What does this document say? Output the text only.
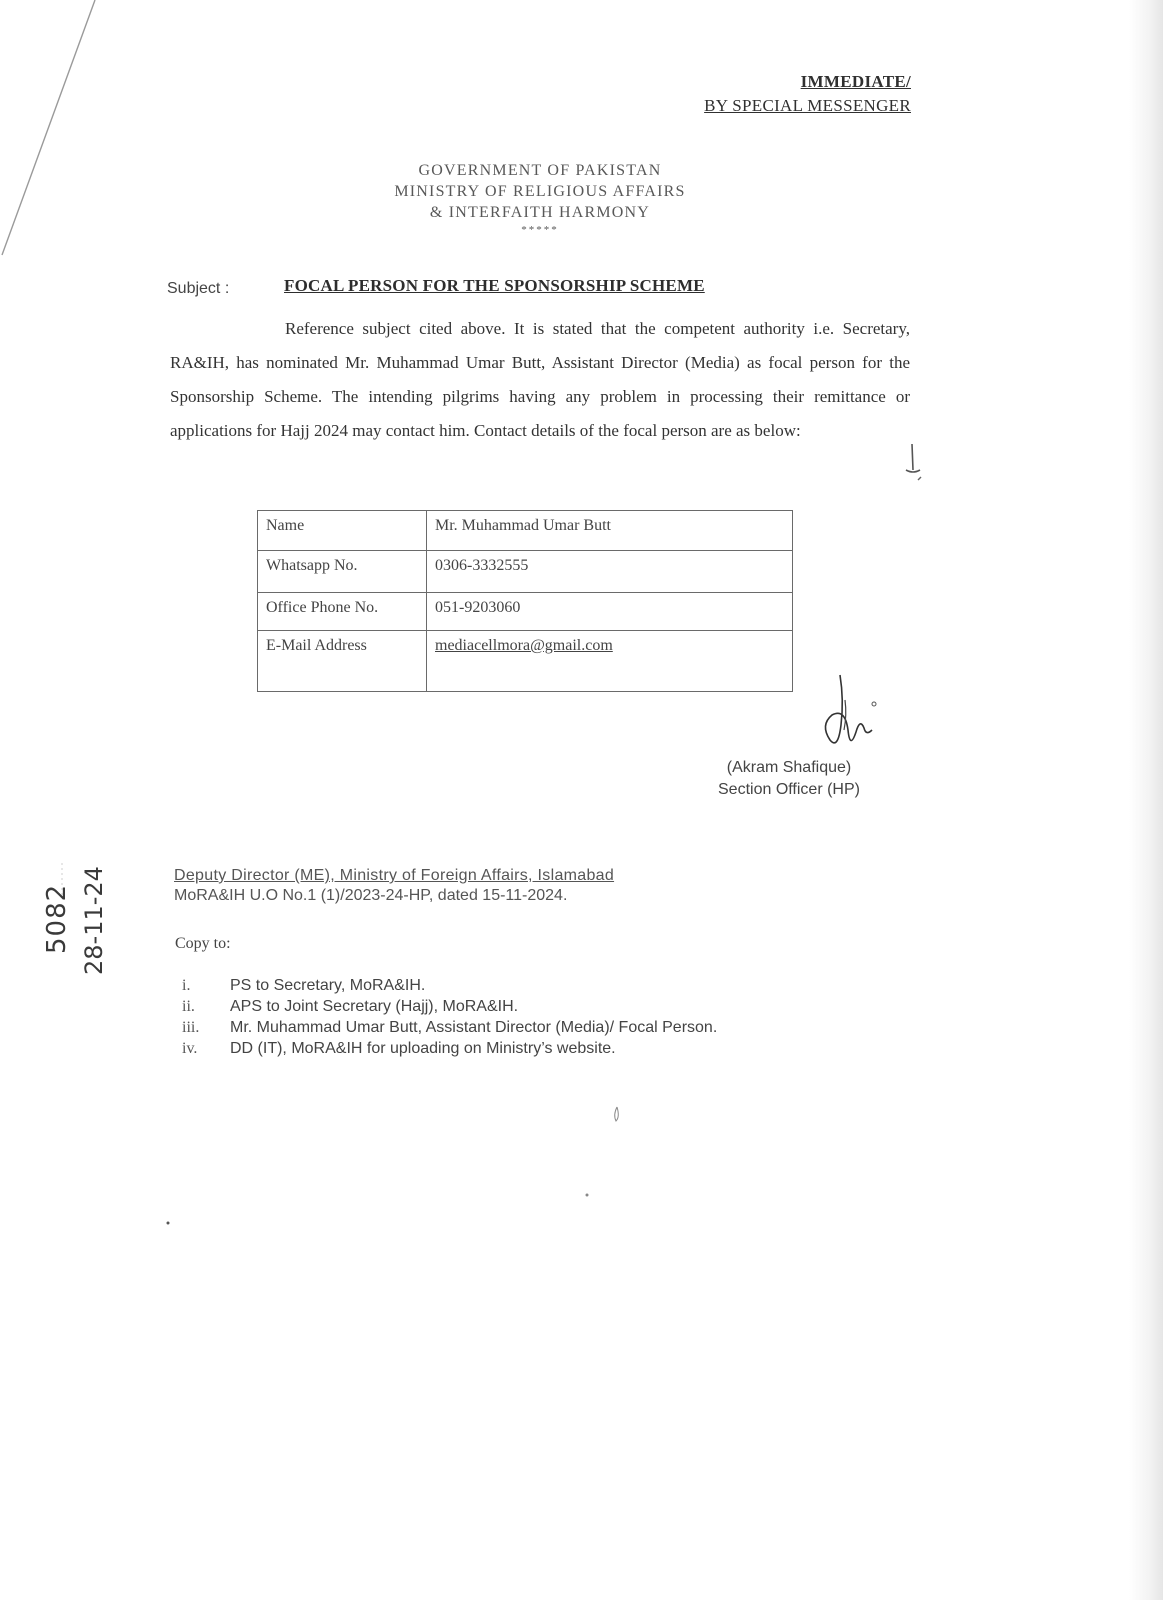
IMMEDIATE/
BY SPECIAL MESSENGER
GOVERNMENT OF PAKISTAN
MINISTRY OF RELIGIOUS AFFAIRS
& INTERFAITH HARMONY
*****
Subject :	FOCAL PERSON FOR THE SPONSORSHIP SCHEME
Reference subject cited above. It is stated that the competent authority i.e. Secretary, RA&IH, has nominated Mr. Muhammad Umar Butt, Assistant Director (Media) as focal person for the Sponsorship Scheme. The intending pilgrims having any problem in processing their remittance or applications for Hajj 2024 may contact him. Contact details of the focal person are as below:
Name	Mr. Muhammad Umar Butt
Whatsapp No.	0306-3332555
Office Phone No.	051-9203060
E-Mail Address	mediacellmora@gmail.com
(Akram Shafique)
Section Officer (HP)
5082 28-11-24	Deputy Director (ME), Ministry of Foreign Affairs, Islamabad
MoRA&IH U.O No.1 (1)/2023-24-HP, dated 15-11-2024.
Copy to:
i.	PS to Secretary, MoRA&IH.
ii.	APS to Joint Secretary (Hajj), MoRA&IH.
iii.	Mr. Muhammad Umar Butt, Assistant Director (Media)/ Focal Person.
iv.	DD (IT), MoRA&IH for uploading on Ministry’s website.
